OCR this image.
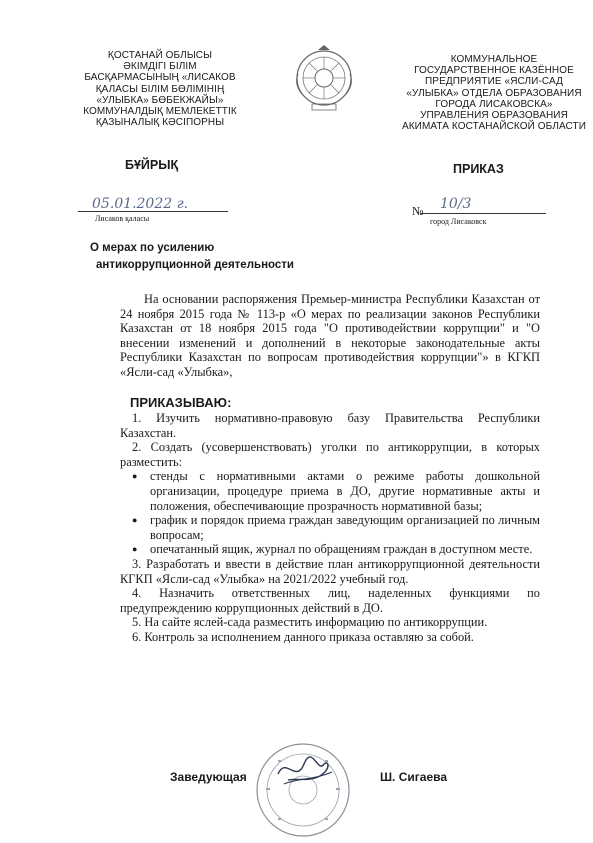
ҚОСТАНАЙ ОБЛЫСЫ
ӘКІМДІГІ БІЛІМ
БАСҚАРМАСЫНЫҢ «ЛИСАКОВ
ҚАЛАСЫ БІЛІМ БӨЛІМІНІҢ
«УЛЫБКА» БӨБЕКЖАЙЫ»
КОММУНАЛДЫҚ МЕМЛЕКЕТТІК
ҚАЗЫНАЛЫҚ КӘСІПОРНЫ
КОММУНАЛЬНОЕ
ГОСУДАРСТВЕННОЕ КАЗЁННОЕ
ПРЕДПРИЯТИЕ «ЯСЛИ-САД
«УЛЫБКА» ОТДЕЛА ОБРАЗОВАНИЯ
ГОРОДА ЛИСАКОВСКА»
УПРАВЛЕНИЯ ОБРАЗОВАНИЯ
АКИМАТА КОСТАНАЙСКОЙ ОБЛАСТИ
БҰЙРЫҚ	ПРИКАЗ
05.01.2022 г.
Лисаков қаласы
№ 10/3
город Лисаковск
О мерах по усилению
антикоррупционной деятельности
На основании распоряжения Премьер-министра Республики Казахстан от 24 ноября 2015 года № 113-р «О мерах по реализации законов Республики Казахстан от 18 ноября 2015 года "О противодействии коррупции" и "О внесении изменений и дополнений в некоторые законодательные акты Республики Казахстан по вопросам противодействия коррупции"» в КГКП «Ясли-сад «Улыбка»,
ПРИКАЗЫВАЮ:

1. Изучить нормативно-правовую базу Правительства Республики Казахстан.

2. Создать (усовершенствовать) уголки по антикоррупции, в которых разместить:

● стенды с нормативными актами о режиме работы дошкольной организации, процедуре приема в ДО, другие нормативные акты и положения, обеспечивающие прозрачность нормативной базы;
● график и порядок приема граждан заведующим организацией по личным вопросам;
● опечатанный ящик, журнал по обращениям граждан в доступном месте.

3. Разработать и ввести в действие план антикоррупционной деятельности КГКП «Ясли-сад «Улыбка» на 2021/2022 учебный год.

4. Назначить ответственных лиц, наделенных функциями по предупреждению коррупционных действий в ДО.

5. На сайте яслей-сада разместить информацию по антикоррупции.

6. Контроль за исполнением данного приказа оставляю за собой.

Заведующая	Ш. Сигаева
